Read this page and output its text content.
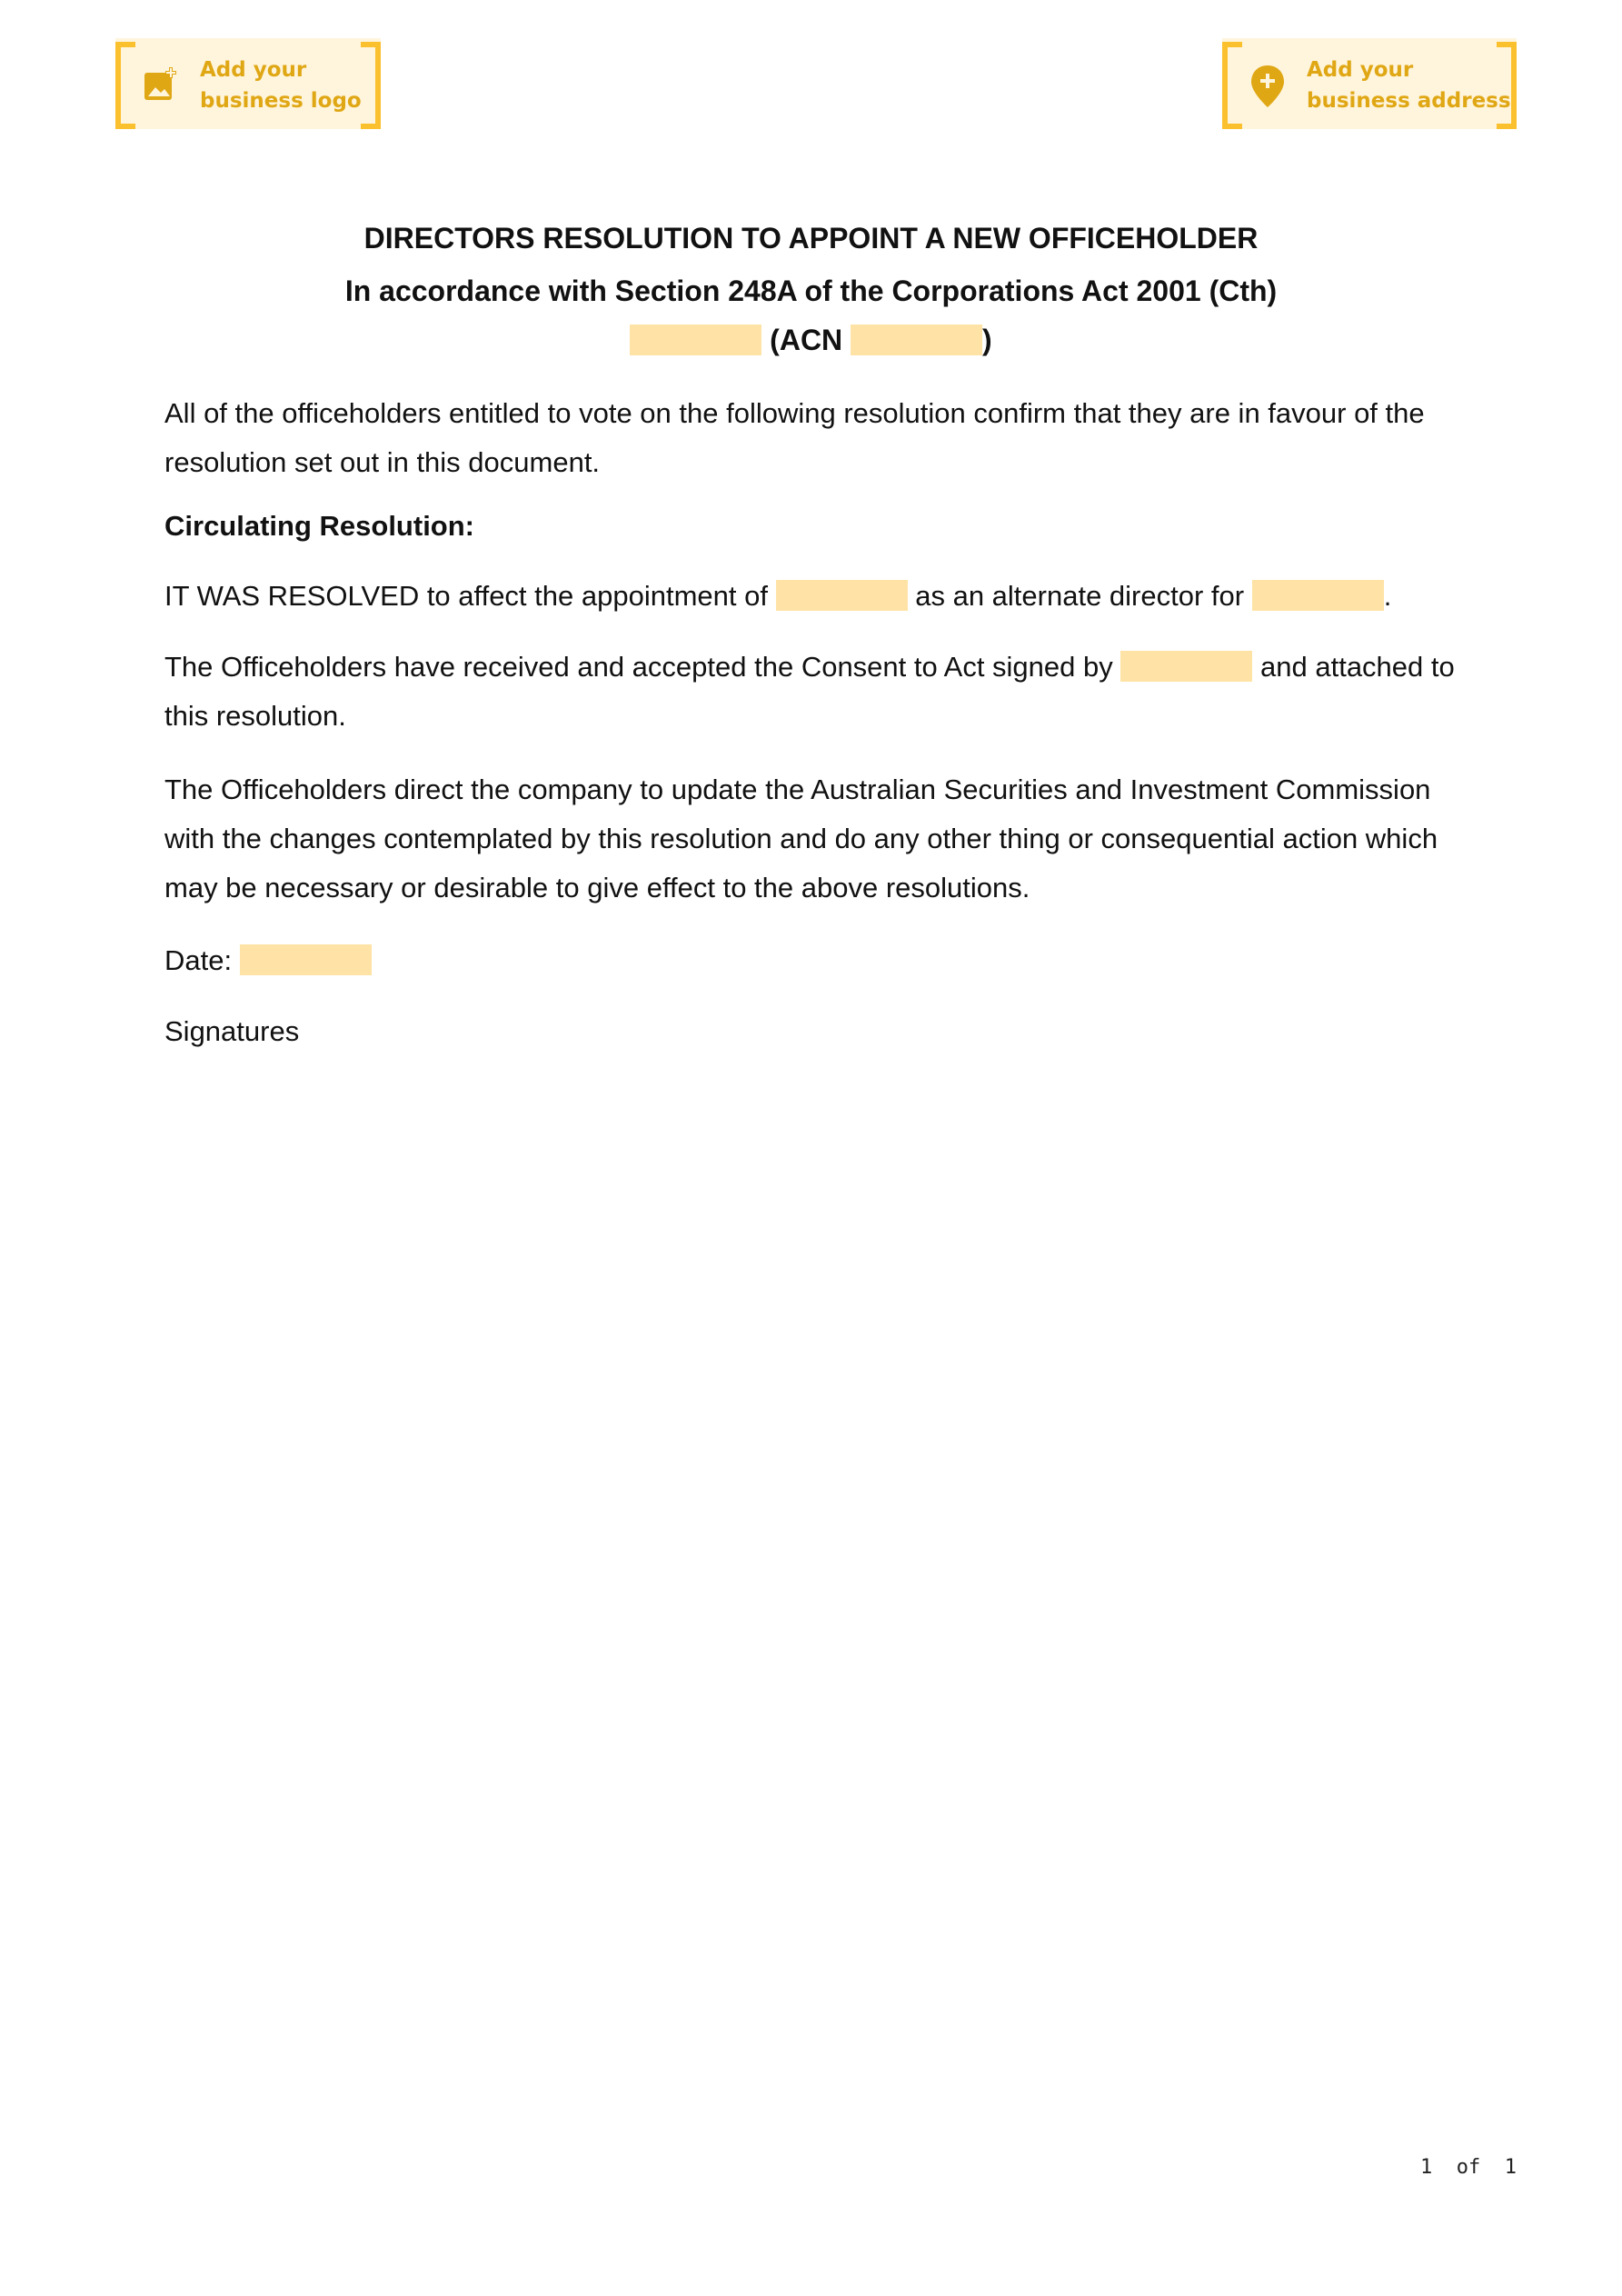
Add your
business logo
Add your
business address
DIRECTORS RESOLUTION TO APPOINT A NEW OFFICEHOLDER
In accordance with Section 248A of the Corporations Act 2001 (Cth)
(ACN	)
All of the officeholders entitled to vote on the following resolution confirm that they are in favour of the resolution set out in this document.
Circulating Resolution:
IT WAS RESOLVED to affect the appointment of	as an alternate director for	.
The Officeholders have received and accepted the Consent to Act signed by	and attached to this resolution.
The Officeholders direct the company to update the Australian Securities and Investment Commission with the changes contemplated by this resolution and do any other thing or consequential action which may be necessary or desirable to give effect to the above resolutions.
Date:
Signatures
1  of  1
